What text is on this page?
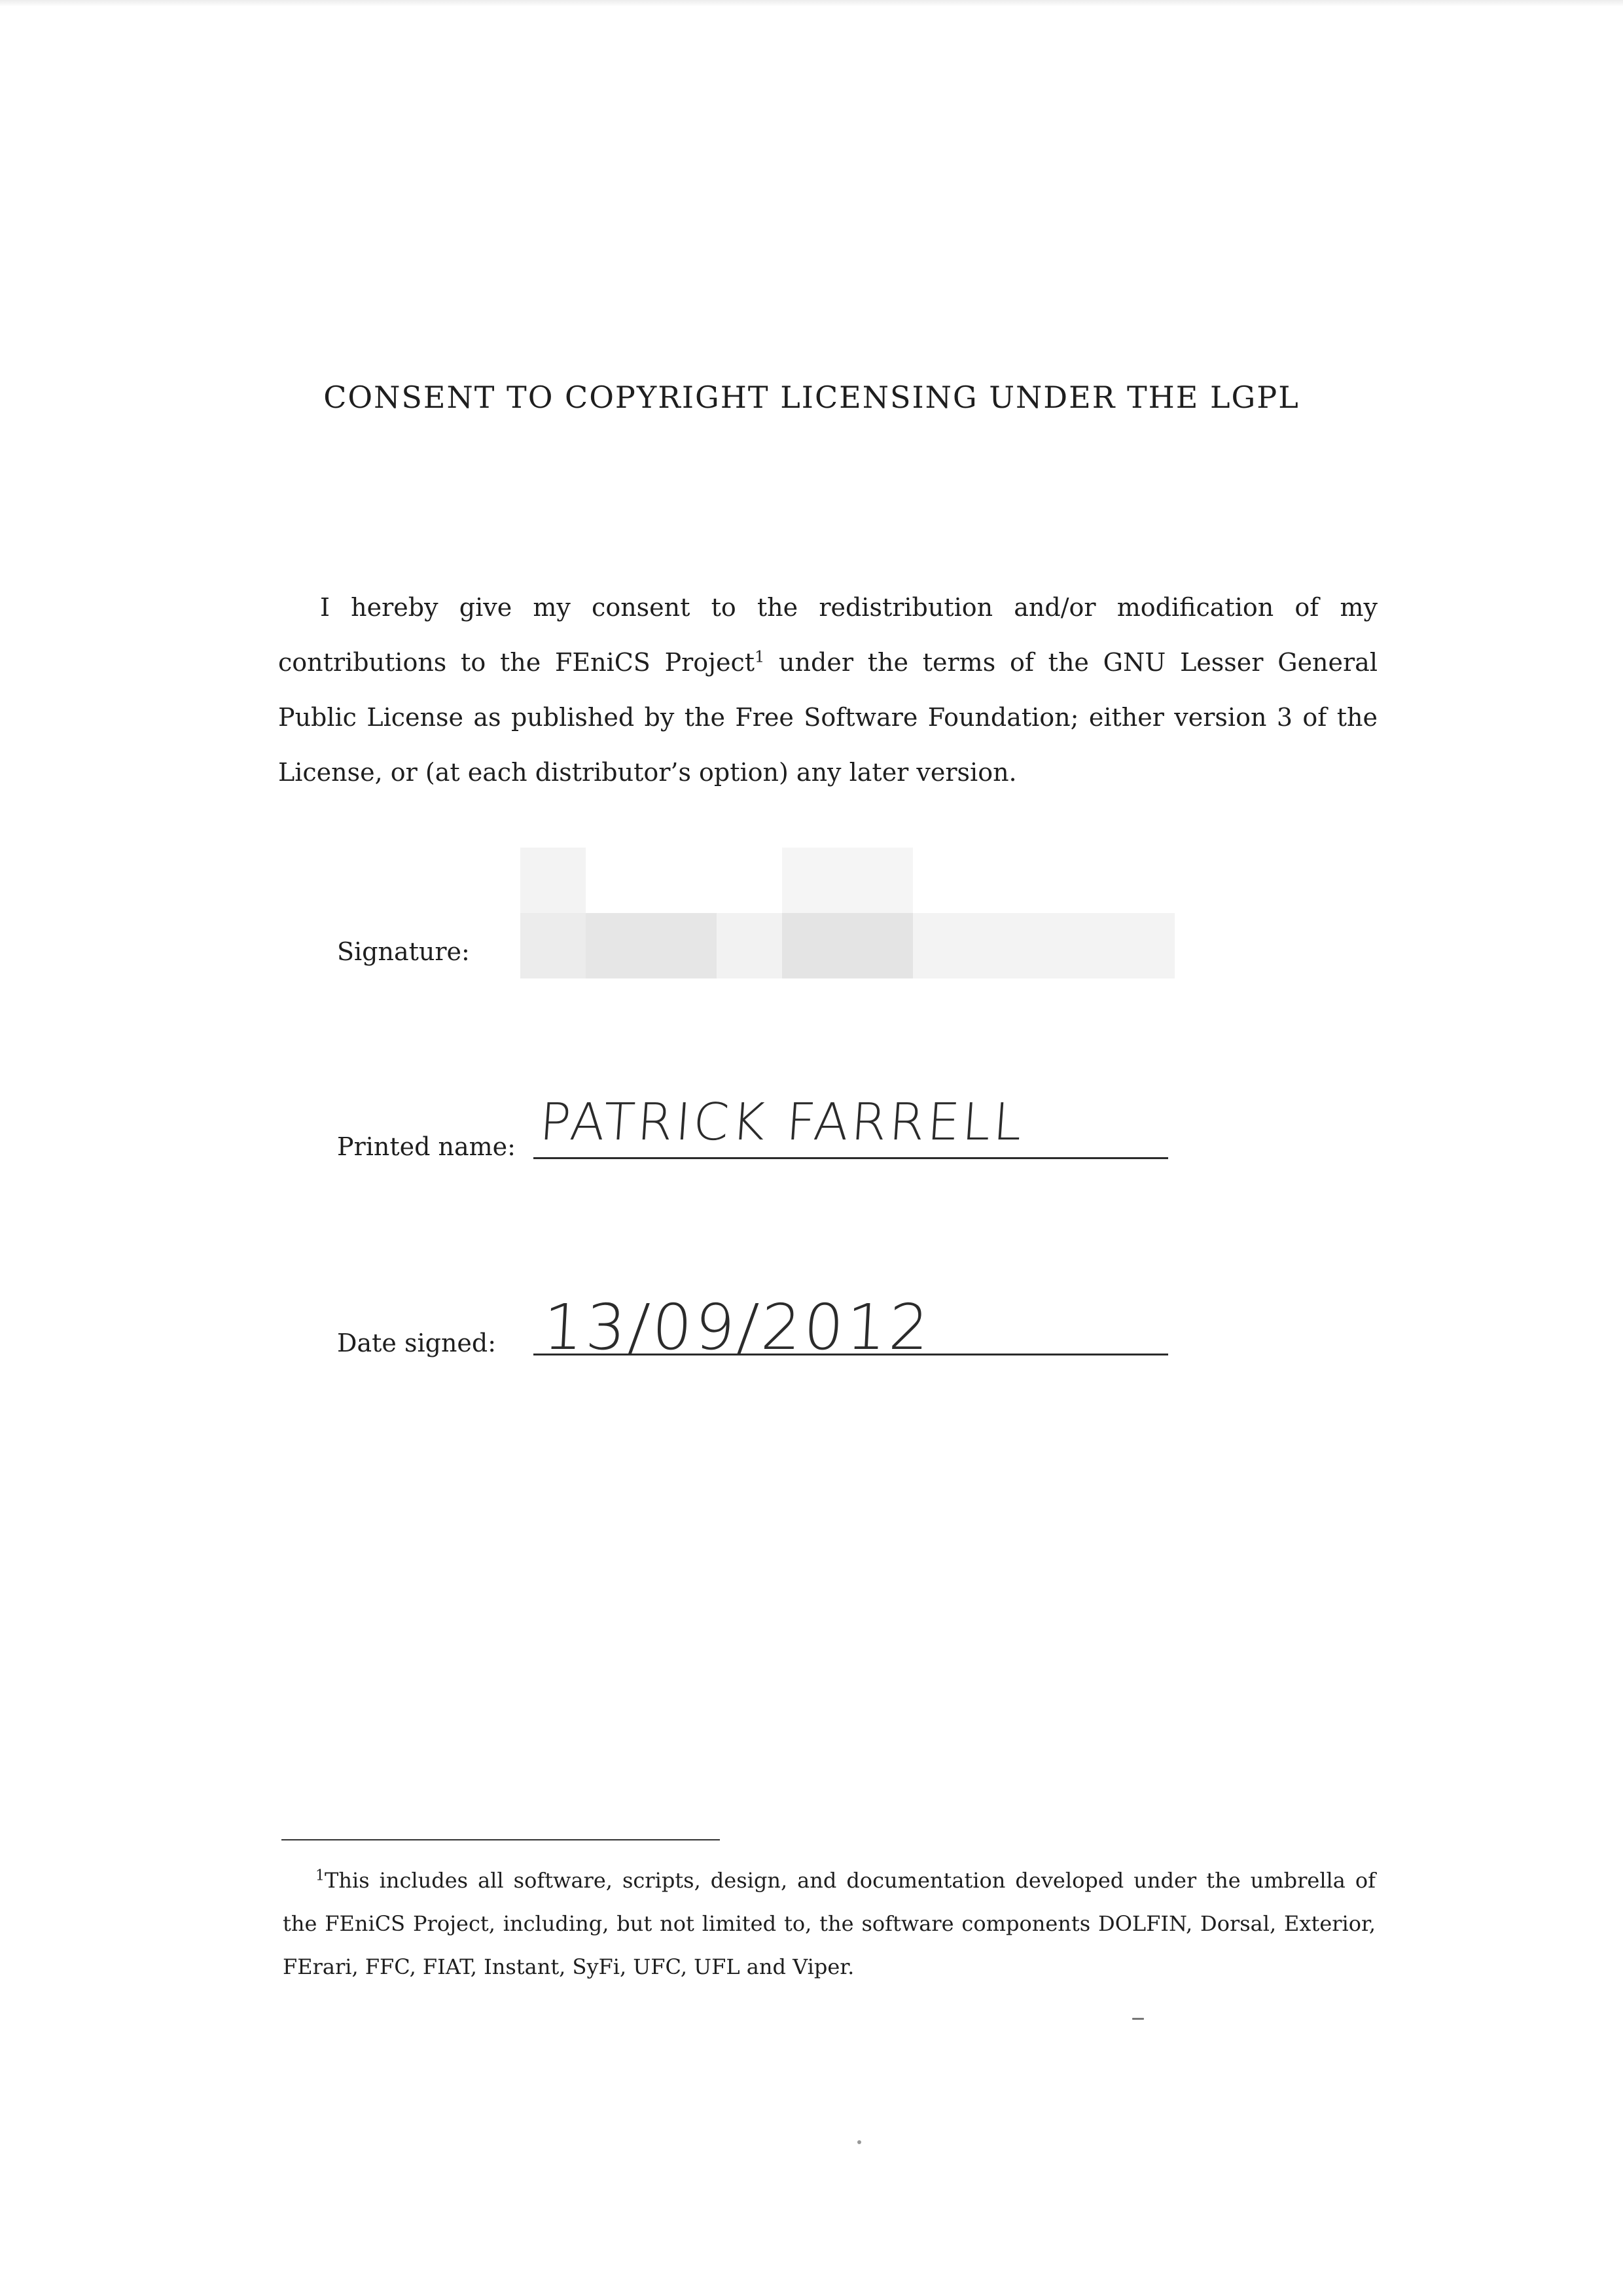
CONSENT TO COPYRIGHT LICENSING UNDER THE LGPL

I hereby give my consent to the redistribution and/or modification of my contributions to the FEniCS Project$^1$ under the terms of the GNU Lesser General Public License as published by the Free Software Foundation; either version 3 of the License, or (at each distributor’s option) any later version.

Signature:
Printed name: PATRICK FARRELL
Date signed: 13/09/2012

$^1$This includes all software, scripts, design, and documentation developed under the umbrella of the FEniCS Project, including, but not limited to, the software components DOLFIN, Dorsal, Exterior, FErari, FFC, FIAT, Instant, SyFi, UFC, UFL and Viper.
